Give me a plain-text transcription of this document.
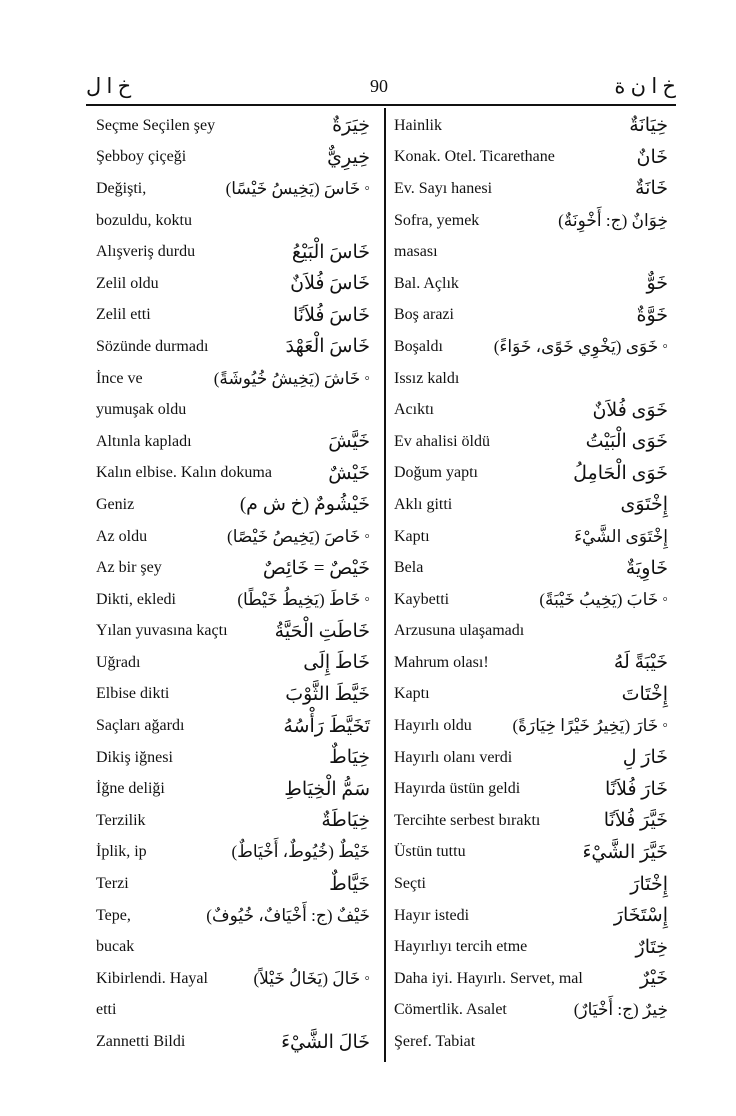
خ ا ل	90	خ ا ن ة
Seçme Seçilen şey	خِيَرَةٌ
Şebboy çiçeği	خِيرِيٌّ
Değişti,	خَاسَ (يَخِيسُ خَيْسًا) ◦
bozuldu, koktu
Alışveriş durdu	خَاسَ الْبَيْعُ
Zelil oldu	خَاسَ فُلاَنٌ
Zelil etti	خَاسَ فُلاَنًا
Sözünde durmadı	خَاسَ الْعَهْدَ
İnce ve	خَاشَ (يَخِيشُ خُيُوشَةً) ◦
yumuşak oldu
Altınla kapladı	خَيَّشَ
Kalın elbise. Kalın dokuma	خَيْشٌ
Geniz	خَيْشُومٌ (خ ش م)
Az oldu	خَاصَ (يَخِيصُ خَيْصًا) ◦
Az bir şey	خَيْصٌ = خَائِصٌ
Dikti, ekledi	خَاطَ (يَخِيطُ خَيْطًا) ◦
Yılan yuvasına kaçtı خَاطَتِ الْحَيَّةُ
Uğradı	خَاطَ إِلَى
Elbise dikti	خَيَّطَ الثَّوْبَ
Saçları ağardı	تَخَيَّطَ رَأْسُهُ
Dikiş iğnesi	خِيَاطٌ
İğne deliği	سَمُّ الْخِيَاطِ
Terzilik	خِيَاطَةٌ
İplik, ip	خَيْطٌ (خُيُوطٌ، أَخْيَاطٌ)
Terzi	خَيَّاطٌ
Tepe,	خَيْفٌ (ج: أَخْيَافٌ، خُيُوفٌ)
bucak
Kibirlendi. Hayal	خَالَ (يَخَالُ خَيْلاً) ◦
etti
Zannetti Bildi	خَالَ الشَّيْءَ
Hainlik	خِيَانَةٌ
Konak. Otel. Ticarethane	خَانٌ
Ev. Sayı hanesi	خَانَةٌ
Sofra, yemek	خِوَانٌ (ج: أَخْوِنَةٌ)
masası
Bal. Açlık	خَوٌّ
Boş arazi	خَوَّةٌ
Boşaldı	خَوَى (يَخْوِي خَوًى، خَوَاءً) ◦
Issız kaldı
Acıktı	خَوَى فُلاَنٌ
Ev ahalisi öldü	خَوَى الْبَيْتُ
Doğum yaptı	خَوَى الْحَامِلُ
Aklı gitti	إِخْتَوَى
Kaptı	إِخْتَوَى الشَّيْءَ
Bela	خَاوِيَةٌ
Kaybetti	خَابَ (يَخِيبُ خَيْبَةً) ◦
Arzusuna ulaşamadı
Mahrum olası!	خَيْبَةً لَهُ
Kaptı	إِخْتَاتَ
Hayırlı oldu خَارَ (يَخِيرُ خَيْرًا خِيَارَةً) ◦
Hayırlı olanı verdi	خَارَ لِ
Hayırda üstün geldi	خَارَ فُلاَنًا
Tercihte serbest bıraktı	خَيَّرَ فُلاَنًا
Üstün tuttu	خَيَّرَ الشَّيْءَ
Seçti	إِخْتَارَ
Hayır istedi	إِسْتَخَارَ
Hayırlıyı tercih etme	خِتَارٌ
Daha iyi. Hayırlı. Servet, mal	خَيْرٌ
Cömertlik. Asalet	خِيرٌ (ج: أَخْيَارٌ)
Şeref. Tabiat
